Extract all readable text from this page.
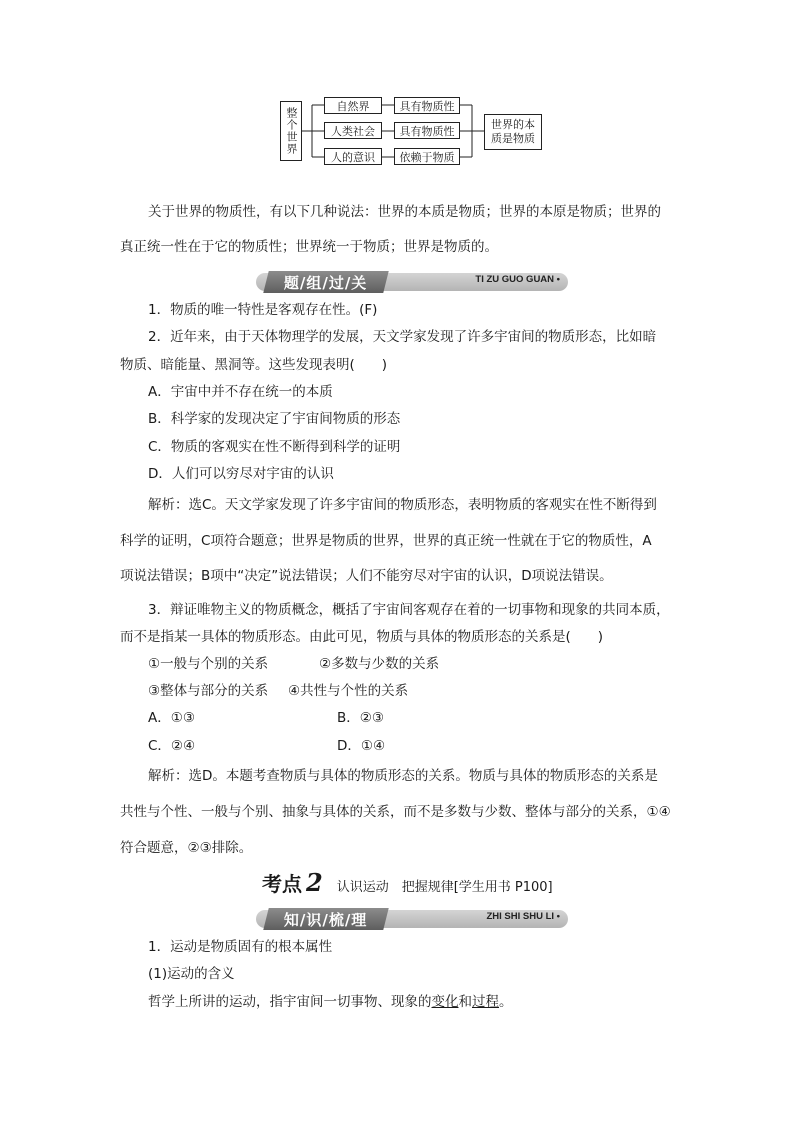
整个世界
自然界
人类社会
人的意识
具有物质性
具有物质性
依赖于物质
世界的本
质是物质
关于世界的物质性，有以下几种说法：世界的本质是物质；世界的本原是物质；世界的
真正统一性在于它的物质性；世界统一于物质；世界是物质的。
题/组/过/关	TI ZU GUO GUAN •
1．物质的唯一特性是客观存在性。(F)
2．近年来，由于天体物理学的发展，天文学家发现了许多宇宙间的物质形态，比如暗
物质、暗能量、黑洞等。这些发现表明(　　)
A．宇宙中并不存在统一的本质
B．科学家的发现决定了宇宙间物质的形态
C．物质的客观实在性不断得到科学的证明
D．人们可以穷尽对宇宙的认识
解析：选C。天文学家发现了许多宇宙间的物质形态，表明物质的客观实在性不断得到
科学的证明，C项符合题意；世界是物质的世界，世界的真正统一性就在于它的物质性，A
项说法错误；B项中“决定”说法错误；人们不能穷尽对宇宙的认识，D项说法错误。
3．辩证唯物主义的物质概念，概括了宇宙间客观存在着的一切事物和现象的共同本质，
而不是指某一具体的物质形态。由此可见，物质与具体的物质形态的关系是(　　)
①一般与个别的关系	②多数与少数的关系
③整体与部分的关系 ④共性与个性的关系
A．①③	B．②③
C．②④	D．①④
解析：选D。本题考查物质与具体的物质形态的关系。物质与具体的物质形态的关系是
共性与个性、一般与个别、抽象与具体的关系，而不是多数与少数、整体与部分的关系，①④
符合题意，②③排除。
考点 2 认识运动　把握规律[学生用书 P100]
知/识/梳/理	ZHI SHI SHU LI •
1．运动是物质固有的根本属性
(1)运动的含义
哲学上所讲的运动，指宇宙间一切事物、现象的变化和过程。
